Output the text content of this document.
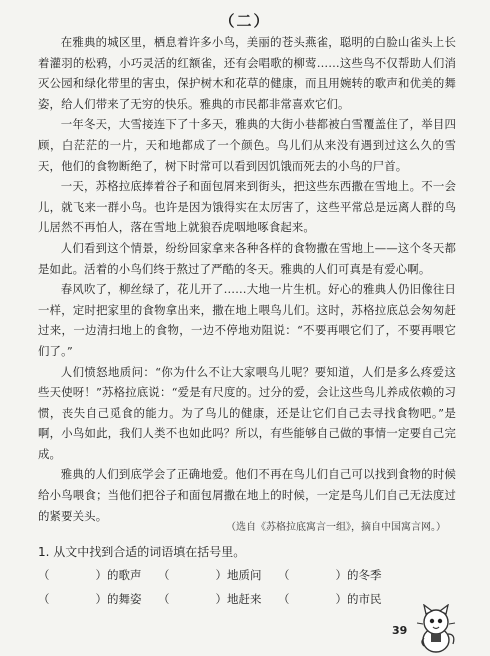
（二）

在雅典的城区里，栖息着许多小鸟，美丽的苍头燕雀，聪明的白脸山雀头上长着灌羽的松鸦，小巧灵活的红额雀，还有会唱歌的柳莺……这些鸟不仅帮助人们消灭公园和绿化带里的害虫，保护树木和花草的健康，而且用婉转的歌声和优美的舞姿，给人们带来了无穷的快乐。雅典的市民都非常喜欢它们。

一年冬天，大雪接连下了十多天，雅典的大街小巷都被白雪覆盖住了，举目四顾，白茫茫的一片，天和地都成了一个颜色。鸟儿们从来没有遇到过这么久的雪天，他们的食物断绝了，树下时常可以看到因饥饿而死去的小鸟的尸首。

一天，苏格拉底捧着谷子和面包屑来到街头，把这些东西撒在雪地上。不一会儿，就飞来一群小鸟。也许是因为饿得实在太厉害了，这些平常总是远离人群的鸟儿居然不再怕人，落在雪地上就狼吞虎咽地啄食起来。

人们看到这个情景，纷纷回家拿来各种各样的食物撒在雪地上——这个冬天都是如此。活着的小鸟们终于熬过了严酷的冬天。雅典的人们可真是有爱心啊。

春风吹了，柳丝绿了，花儿开了……大地一片生机。好心的雅典人仍旧像往日一样，定时把家里的食物拿出来，撒在地上喂鸟儿们。这时，苏格拉底总会匆匆赶过来，一边清扫地上的食物，一边不停地劝阻说：“不要再喂它们了，不要再喂它们了。”

人们愤怒地质问：“你为什么不让大家喂鸟儿呢？要知道，人们是多么疼爱这些天使呀！”苏格拉底说：“爱是有尺度的。过分的爱，会让这些鸟儿养成依赖的习惯，丧失自己觅食的能力。为了鸟儿的健康，还是让它们自己去寻找食物吧。”是啊，小鸟如此，我们人类不也如此吗？所以，有些能够自己做的事情一定要自己完成。

雅典的人们到底学会了正确地爱。他们不再在鸟儿们自己可以找到食物的时候给小鸟喂食；当他们把谷子和面包屑撒在地上的时候，一定是鸟儿们自己无法度过的紧要关头。

（选自《苏格拉底寓言一组》，摘自中国寓言网。）
1. 从文中找到合适的词语填在括号里。
（　　　　）的歌声	（　　　　）地质问	（　　　　）的冬季
（　　　　）的舞姿	（　　　　）地赶来	（　　　　）的市民
39
